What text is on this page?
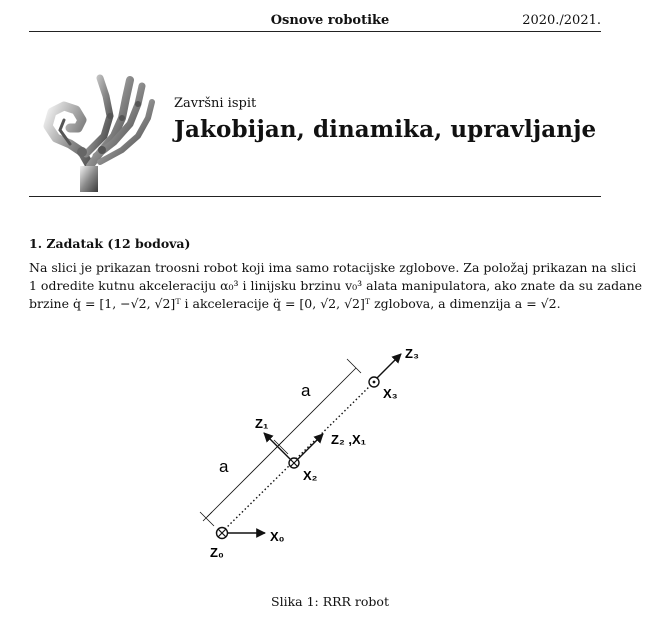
Osnove robotike	2020./2021.
Završni ispit
Jakobijan, dinamika, upravljanje
1. Zadatak (12 bodova)
Na slici je prikazan troosni robot koji ima samo rotacijske zglobove. Za položaj prikazan na slici
1 odredite kutnu akceleraciju α₀³ i linijsku brzinu v₀³ alata manipulatora, ako znate da su zadane
brzine q̇ = [1, −√2, √2]ᵀ i akceleracije q̈ = [0, √2, √2]ᵀ zglobova, a dimenzija a = √2.
a
a
Z₃
X₃
Z₁
Z₂ ,X₁
X₂
X₀
Z₀
Slika 1: RRR robot
